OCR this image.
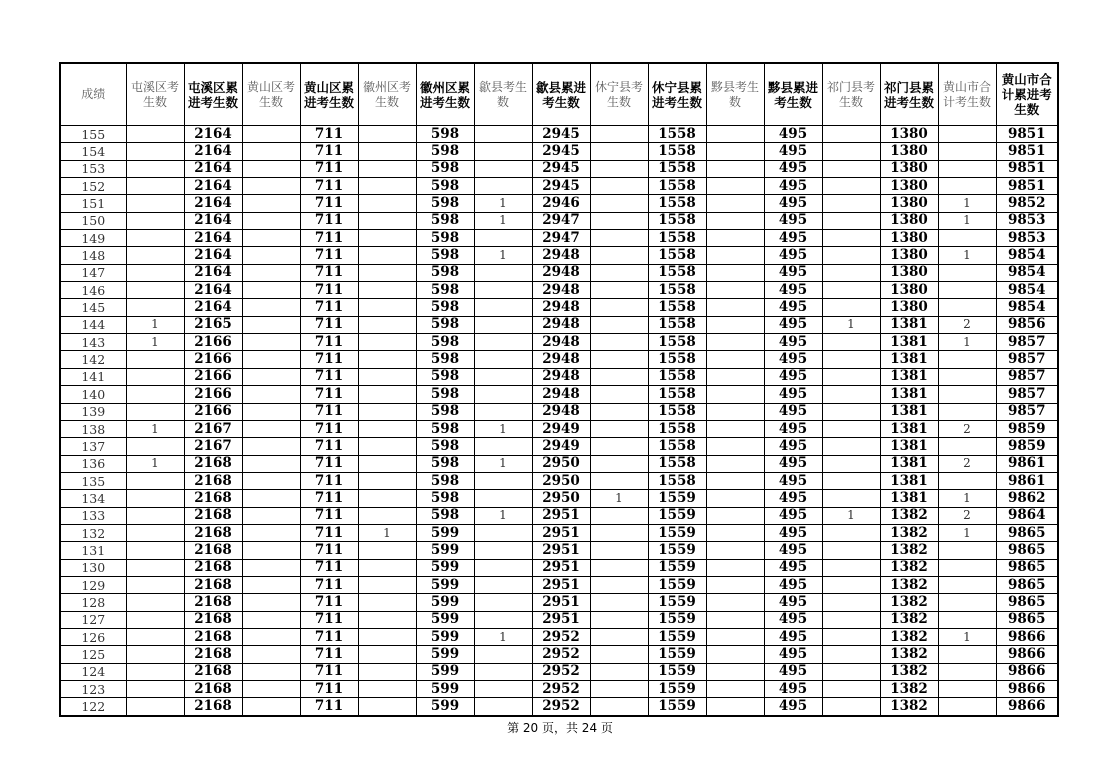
成绩	屯溪区考生数	屯溪区累进考生数	黄山区考生数	黄山区累进考生数	徽州区考生数	徽州区累进考生数	歙县考生数	歙县累进考生数	休宁县考生数	休宁县累进考生数	黟县考生数	黟县累进考生数	祁门县考生数	祁门县累进考生数	黄山市合计考生数	黄山市合计累进考生数
155		2164		711		598		2945		1558		495		1380		9851
154		2164		711		598		2945		1558		495		1380		9851
153		2164		711		598		2945		1558		495		1380		9851
152		2164		711		598		2945		1558		495		1380		9851
151		2164		711		598	1	2946		1558		495		1380	1	9852
150		2164		711		598	1	2947		1558		495		1380	1	9853
149		2164		711		598		2947		1558		495		1380		9853
148		2164		711		598	1	2948		1558		495		1380	1	9854
147		2164		711		598		2948		1558		495		1380		9854
146		2164		711		598		2948		1558		495		1380		9854
145		2164		711		598		2948		1558		495		1380		9854
144	1	2165		711		598		2948		1558		495	1	1381	2	9856
143	1	2166		711		598		2948		1558		495		1381	1	9857
142		2166		711		598		2948		1558		495		1381		9857
141		2166		711		598		2948		1558		495		1381		9857
140		2166		711		598		2948		1558		495		1381		9857
139		2166		711		598		2948		1558		495		1381		9857
138	1	2167		711		598	1	2949		1558		495		1381	2	9859
137		2167		711		598		2949		1558		495		1381		9859
136	1	2168		711		598	1	2950		1558		495		1381	2	9861
135		2168		711		598		2950		1558		495		1381		9861
134		2168		711		598		2950	1	1559		495		1381	1	9862
133		2168		711		598	1	2951		1559		495	1	1382	2	9864
132		2168		711	1	599		2951		1559		495		1382	1	9865
131		2168		711		599		2951		1559		495		1382		9865
130		2168		711		599		2951		1559		495		1382		9865
129		2168		711		599		2951		1559		495		1382		9865
128		2168		711		599		2951		1559		495		1382		9865
127		2168		711		599		2951		1559		495		1382		9865
126		2168		711		599	1	2952		1559		495		1382	1	9866
125		2168		711		599		2952		1559		495		1382		9866
124		2168		711		599		2952		1559		495		1382		9866
123		2168		711		599		2952		1559		495		1382		9866
122		2168		711		599		2952		1559		495		1382		9866
第 20 页，共 24 页
